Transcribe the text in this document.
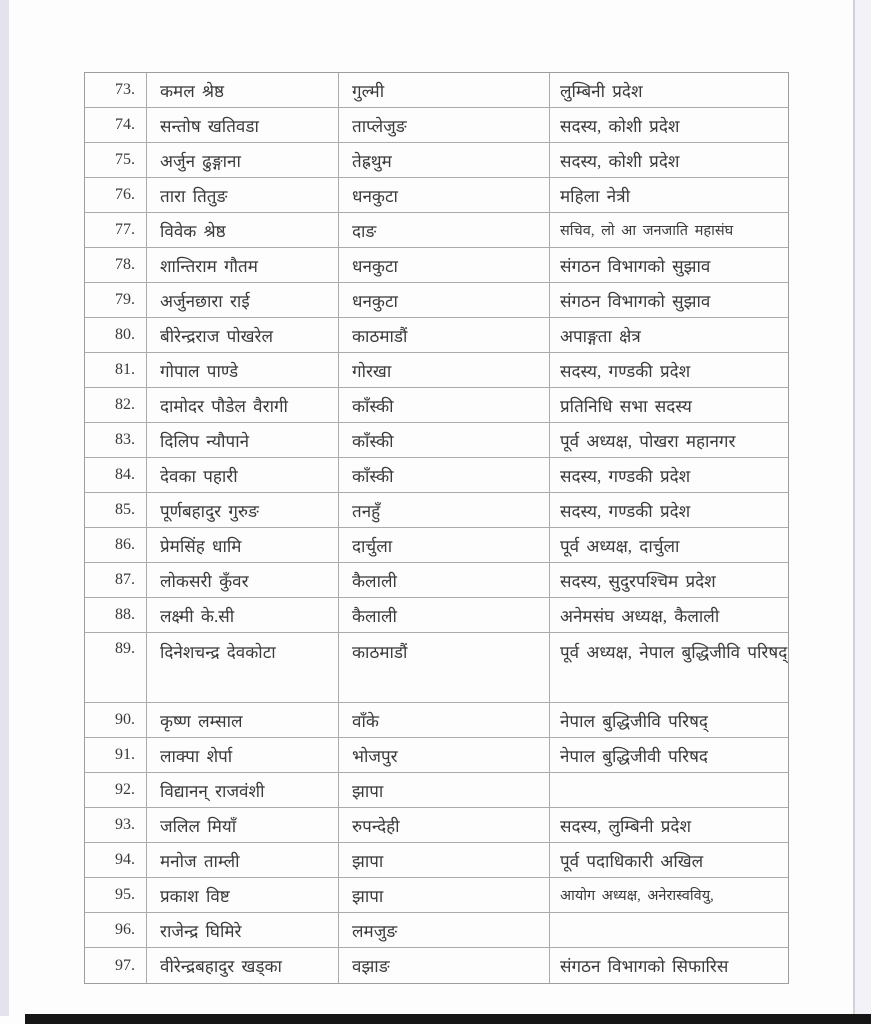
73.	कमल श्रेष्ठ	गुल्मी	लुम्बिनी प्रदेश
74.	सन्तोष खतिवडा	ताप्लेजुङ	सदस्य, कोशी प्रदेश
75.	अर्जुन ढुङ्गाना	तेह्रथुम	सदस्य, कोशी प्रदेश
76.	तारा तितुङ	धनकुटा	महिला नेत्री
77.	विवेक श्रेष्ठ	दाङ	सचिव, लो आ जनजाति महासंघ
78.	शान्तिराम गौतम	धनकुटा	संगठन विभागको सुझाव
79.	अर्जुनछारा राई	धनकुटा	संगठन विभागको सुझाव
80.	बीरेन्द्रराज पोखरेल	काठमाडौं	अपाङ्गता क्षेत्र
81.	गोपाल पाण्डे	गोरखा	सदस्य, गण्डकी प्रदेश
82.	दामोदर पौडेल वैरागी	काँस्की	प्रतिनिधि सभा सदस्य
83.	दिलिप न्यौपाने	काँस्की	पूर्व अध्यक्ष, पोखरा महानगर
84.	देवका पहारी	काँस्की	सदस्य, गण्डकी प्रदेश
85.	पूर्णबहादुर गुरुङ	तनहुँ	सदस्य, गण्डकी प्रदेश
86.	प्रेमसिंह धामि	दार्चुला	पूर्व अध्यक्ष, दार्चुला
87.	लोकसरी कुँवर	कैलाली	सदस्य, सुदुरपश्चिम प्रदेश
88.	लक्ष्मी के.सी	कैलाली	अनेमसंघ अध्यक्ष, कैलाली
89.	दिनेशचन्द्र देवकोटा	काठमाडौं	पूर्व अध्यक्ष, नेपाल बुद्धिजीवि परिषद्
90.	कृष्ण लम्साल	वाँके	नेपाल बुद्धिजीवि परिषद्
91.	लाक्पा शेर्पा	भोजपुर	नेपाल बुद्धिजीवी परिषद
92.	विद्यानन् राजवंशी	झापा
93.	जलिल मियाँ	रुपन्देही	सदस्य, लुम्बिनी प्रदेश
94.	मनोज ताम्ली	झापा	पूर्व पदाधिकारी अखिल
95.	प्रकाश विष्ट	झापा	आयोग अध्यक्ष, अनेरास्ववियु,
96.	राजेन्द्र घिमिरे	लमजुङ
97.	वीरेन्द्रबहादुर खड्का	वझाङ	संगठन विभागको सिफारिस
